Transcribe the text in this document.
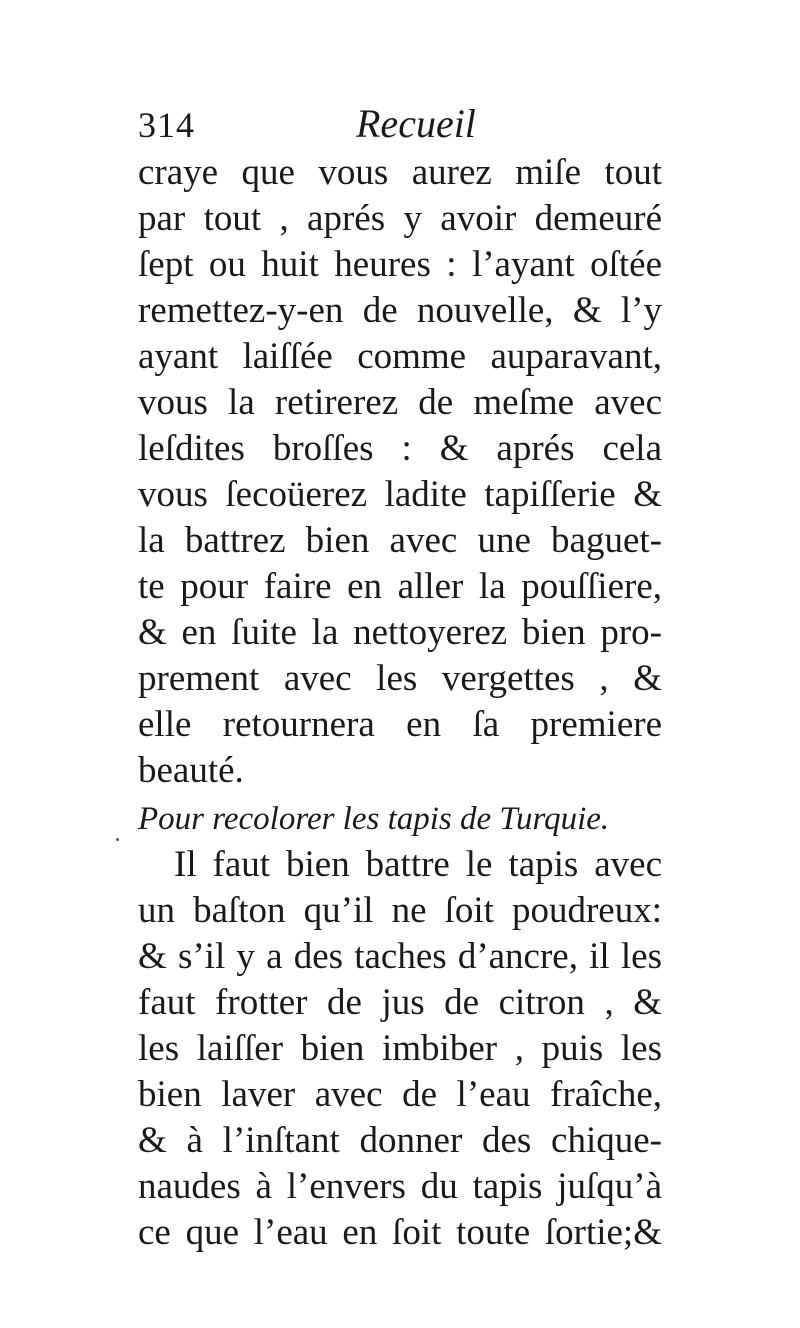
314	Recueil
craye que vous aurez miſe tout
par tout , aprés y avoir demeuré
ſept ou huit heures : l’ayant oſtée
remettez-y-en de nouvelle, & l’y
ayant laiſſée comme auparavant,
vous la retirerez de meſme avec
leſdites broſſes : & aprés cela
vous ſecoüerez ladite tapiſſerie &
la battrez bien avec une baguet-
te pour faire en aller la pouſſiere,
& en ſuite la nettoyerez bien pro-
prement avec les vergettes , &
elle retournera en ſa premiere
beauté.
Pour recolorer les tapis de Turquie.
Il faut bien battre le tapis avec
un baſton qu’il ne ſoit poudreux:
& s’il y a des taches d’ancre, il les
faut frotter de jus de citron , &
les laiſſer bien imbiber , puis les
bien laver avec de l’eau fraîche,
& à l’inſtant donner des chique-
naudes à l’envers du tapis juſqu’à
ce que l’eau en ſoit toute ſortie;&
